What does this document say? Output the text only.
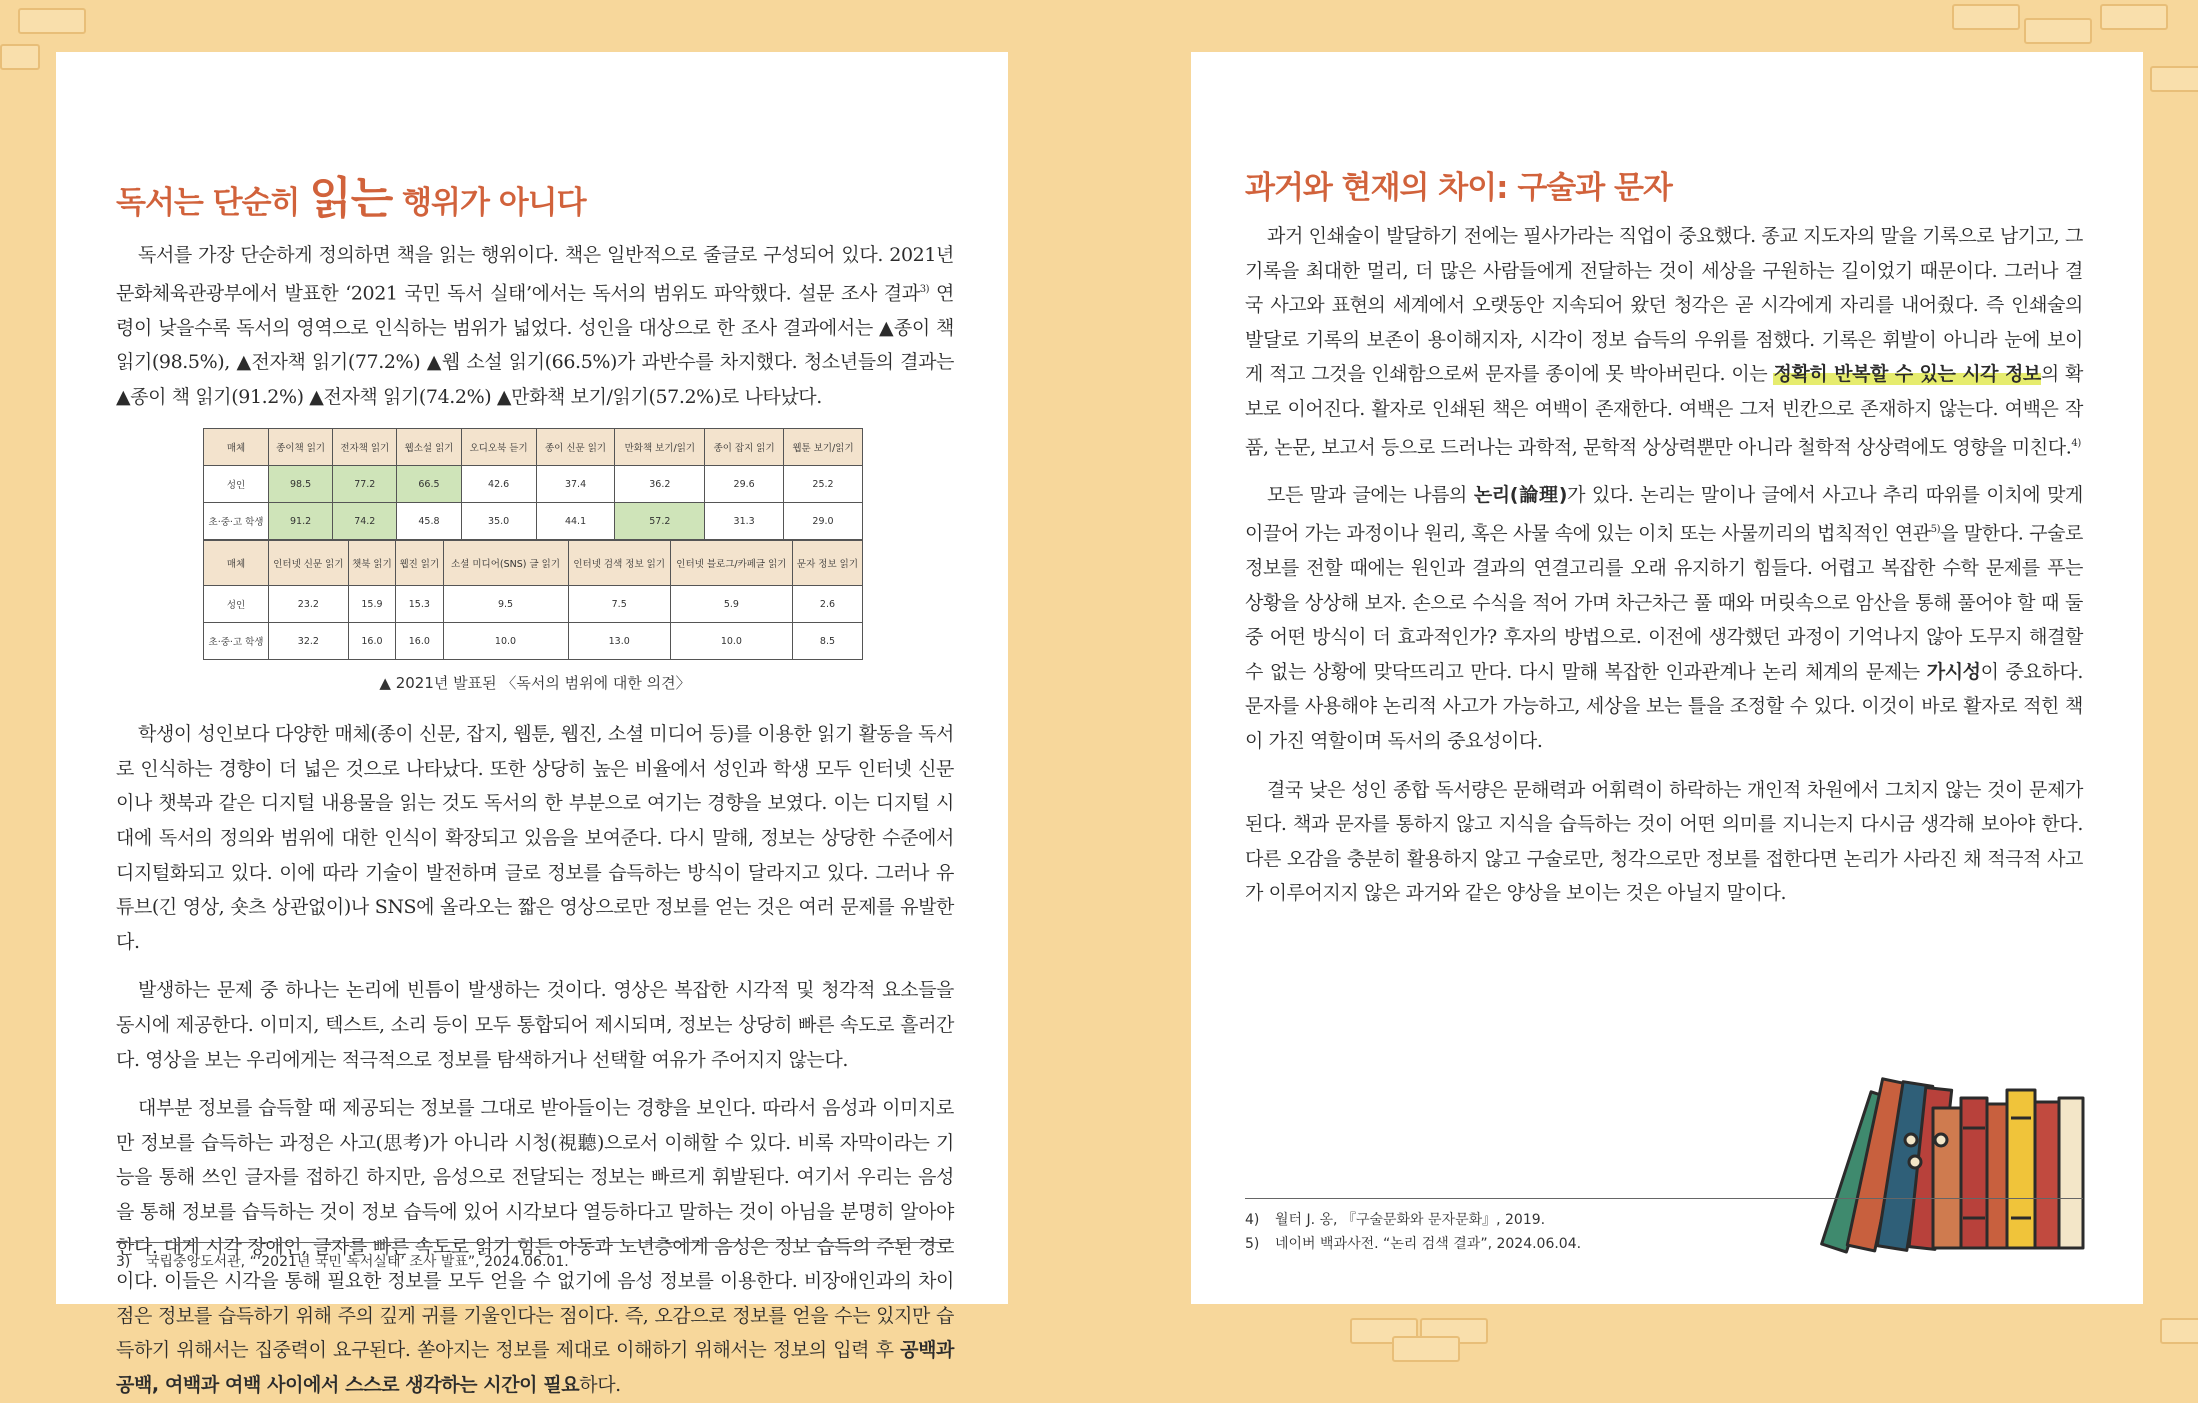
독서는 단순히 읽는 행위가 아니다

독서를 가장 단순하게 정의하면 책을 읽는 행위이다. 책은 일반적으로 줄글로 구성되어 있다. 2021년 문화체육관광부에서 발표한 ‘2021 국민 독서 실태’에서는 독서의 범위도 파악했다. 설문 조사 결과$^{3)}$ 연령이 낮을수록 독서의 영역으로 인식하는 범위가 넓었다. 성인을 대상으로 한 조사 결과에서는 ▲종이 책 읽기(98.5%), ▲전자책 읽기(77.2%) ▲웹 소설 읽기(66.5%)가 과반수를 차지했다. 청소년들의 결과는 ▲종이 책 읽기(91.2%) ▲전자책 읽기(74.2%) ▲만화책 보기/읽기(57.2%)로 나타났다.

매체	종이책 읽기	전자책 읽기	웹소설 읽기	오디오북 듣기	종이 신문 읽기	만화책 보기/읽기	종이 잡지 읽기	웹툰 보기/읽기
성인	98.5	77.2	66.5	42.6	37.4	36.2	29.6	25.2
초·중·고 학생	91.2	74.2	45.8	35.0	44.1	57.2	31.3	29.0
매체	인터넷 신문 읽기	챗북 읽기	웹진 읽기	소셜 미디어(SNS) 글 읽기	인터넷 검색 정보 읽기	인터넷 블로그/카페글 읽기	문자 정보 읽기
성인	23.2	15.9	15.3	9.5	7.5	5.9	2.6
초·중·고 학생	32.2	16.0	16.0	10.0	13.0	10.0	8.5
▲ 2021년 발표된 〈독서의 범위에 대한 의견〉

학생이 성인보다 다양한 매체(종이 신문, 잡지, 웹툰, 웹진, 소셜 미디어 등)를 이용한 읽기 활동을 독서로 인식하는 경향이 더 넓은 것으로 나타났다. 또한 상당히 높은 비율에서 성인과 학생 모두 인터넷 신문이나 챗북과 같은 디지털 내용물을 읽는 것도 독서의 한 부분으로 여기는 경향을 보였다. 이는 디지털 시대에 독서의 정의와 범위에 대한 인식이 확장되고 있음을 보여준다. 다시 말해, 정보는 상당한 수준에서 디지털화되고 있다. 이에 따라 기술이 발전하며 글로 정보를 습득하는 방식이 달라지고 있다. 그러나 유튜브(긴 영상, 숏츠 상관없이)나 SNS에 올라오는 짧은 영상으로만 정보를 얻는 것은 여러 문제를 유발한다.

발생하는 문제 중 하나는 논리에 빈틈이 발생하는 것이다. 영상은 복잡한 시각적 및 청각적 요소들을 동시에 제공한다. 이미지, 텍스트, 소리 등이 모두 통합되어 제시되며, 정보는 상당히 빠른 속도로 흘러간다. 영상을 보는 우리에게는 적극적으로 정보를 탐색하거나 선택할 여유가 주어지지 않는다.

대부분 정보를 습득할 때 제공되는 정보를 그대로 받아들이는 경향을 보인다. 따라서 음성과 이미지로만 정보를 습득하는 과정은 사고(思考)가 아니라 시청(視聽)으로서 이해할 수 있다. 비록 자막이라는 기능을 통해 쓰인 글자를 접하긴 하지만, 음성으로 전달되는 정보는 빠르게 휘발된다. 여기서 우리는 음성을 통해 정보를 습득하는 것이 정보 습득에 있어 시각보다 열등하다고 말하는 것이 아님을 분명히 알아야 한다. 대게 시각 장애인, 글자를 빠른 속도로 읽기 힘든 아동과 노년층에게 음성은 정보 습득의 주된 경로이다. 이들은 시각을 통해 필요한 정보를 모두 얻을 수 없기에 음성 정보를 이용한다. 비장애인과의 차이점은 정보를 습득하기 위해 주의 깊게 귀를 기울인다는 점이다. 즉, 오감으로 정보를 얻을 수는 있지만 습득하기 위해서는 집중력이 요구된다. 쏟아지는 정보를 제대로 이해하기 위해서는 정보의 입력 후 공백과 공백, 여백과 여백 사이에서 스스로 생각하는 시간이 필요하다.

3) 국립중앙도서관, “‘2021년 국민 독서실태’ 조사 발표”, 2024.06.01.
과거와 현재의 차이: 구술과 문자

과거 인쇄술이 발달하기 전에는 필사가라는 직업이 중요했다. 종교 지도자의 말을 기록으로 남기고, 그 기록을 최대한 멀리, 더 많은 사람들에게 전달하는 것이 세상을 구원하는 길이었기 때문이다. 그러나 결국 사고와 표현의 세계에서 오랫동안 지속되어 왔던 청각은 곧 시각에게 자리를 내어줬다. 즉 인쇄술의 발달로 기록의 보존이 용이해지자, 시각이 정보 습득의 우위를 점했다. 기록은 휘발이 아니라 눈에 보이게 적고 그것을 인쇄함으로써 문자를 종이에 못 박아버린다. 이는 정확히 반복할 수 있는 시각 정보의 확보로 이어진다. 활자로 인쇄된 책은 여백이 존재한다. 여백은 그저 빈칸으로 존재하지 않는다. 여백은 작품, 논문, 보고서 등으로 드러나는 과학적, 문학적 상상력뿐만 아니라 철학적 상상력에도 영향을 미친다.$^{4)}$

모든 말과 글에는 나름의 논리(論理)가 있다. 논리는 말이나 글에서 사고나 추리 따위를 이치에 맞게 이끌어 가는 과정이나 원리, 혹은 사물 속에 있는 이치 또는 사물끼리의 법칙적인 연관$^{5)}$을 말한다. 구술로 정보를 전할 때에는 원인과 결과의 연결고리를 오래 유지하기 힘들다. 어렵고 복잡한 수학 문제를 푸는 상황을 상상해 보자. 손으로 수식을 적어 가며 차근차근 풀 때와 머릿속으로 암산을 통해 풀어야 할 때 둘 중 어떤 방식이 더 효과적인가? 후자의 방법으로. 이전에 생각했던 과정이 기억나지 않아 도무지 해결할 수 없는 상황에 맞닥뜨리고 만다. 다시 말해 복잡한 인과관계나 논리 체계의 문제는 가시성이 중요하다. 문자를 사용해야 논리적 사고가 가능하고, 세상을 보는 틀을 조정할 수 있다. 이것이 바로 활자로 적힌 책이 가진 역할이며 독서의 중요성이다.

결국 낮은 성인 종합 독서량은 문해력과 어휘력이 하락하는 개인적 차원에서 그치지 않는 것이 문제가 된다. 책과 문자를 통하지 않고 지식을 습득하는 것이 어떤 의미를 지니는지 다시금 생각해 보아야 한다. 다른 오감을 충분히 활용하지 않고 구술로만, 청각으로만 정보를 접한다면 논리가 사라진 채 적극적 사고가 이루어지지 않은 과거와 같은 양상을 보이는 것은 아닐지 말이다.

4) 월터 J. 옹, 『구술문화와 문자문화』, 2019.
5) 네이버 백과사전. “논리 검색 결과”, 2024.06.04.
